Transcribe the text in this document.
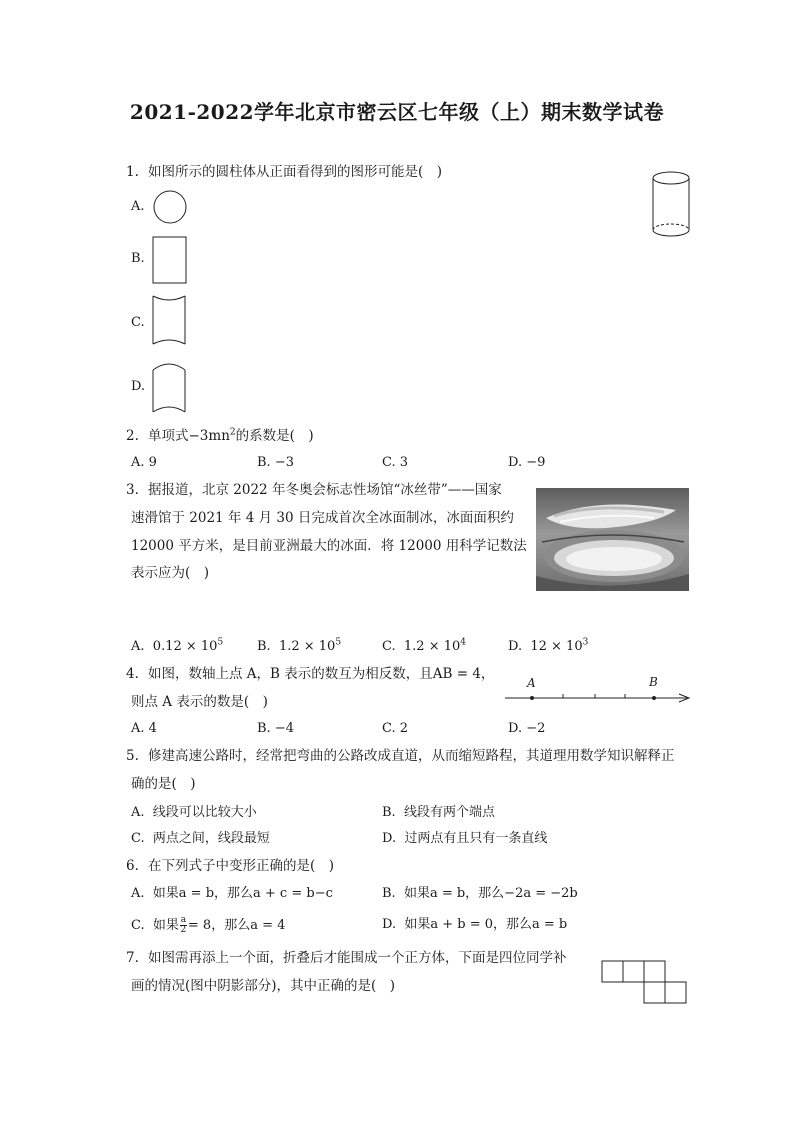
2021-2022学年北京市密云区七年级（上）期末数学试卷
1. 如图所示的圆柱体从正面看得到的图形可能是(　)
A.
B.
C.
D.
2. 单项式$-3mn^2$的系数是(　)
A. 9	B. −3	C. 3	D. −9
3. 据报道，北京 2022 年冬奥会标志性场馆“冰丝带”——国家
速滑馆于 2021 年 4 月 30 日完成首次全冰面制冰，冰面面积约
12000 平方米，是目前亚洲最大的冰面．将 12000 用科学记数法
表示应为(　)
A. $0.12 \times 10^5$	B. $1.2 \times 10^5$	C. $1.2 \times 10^4$	D. $12 \times 10^3$
4. 如图，数轴上点 A，B 表示的数互为相反数，且AB = 4，
则点 A 表示的数是(　)
A	B
A. 4	B. −4	C. 2	D. −2
5. 修建高速公路时，经常把弯曲的公路改成直道，从而缩短路程，其道理用数学知识解释正
确的是(　)
A. 线段可以比较大小	B. 线段有两个端点
C. 两点之间，线段最短	D. 过两点有且只有一条直线
6. 在下列式子中变形正确的是(　)
A. 如果a = b，那么a + c = b−c	B. 如果a = b，那么−2a = −2b
C. 如果 $\frac{a}{2} = 8$，那么a = 4	D. 如果a + b = 0，那么a = b
7. 如图需再添上一个面，折叠后才能围成一个正方体，下面是四位同学补
画的情况(图中阴影部分)，其中正确的是(　)
